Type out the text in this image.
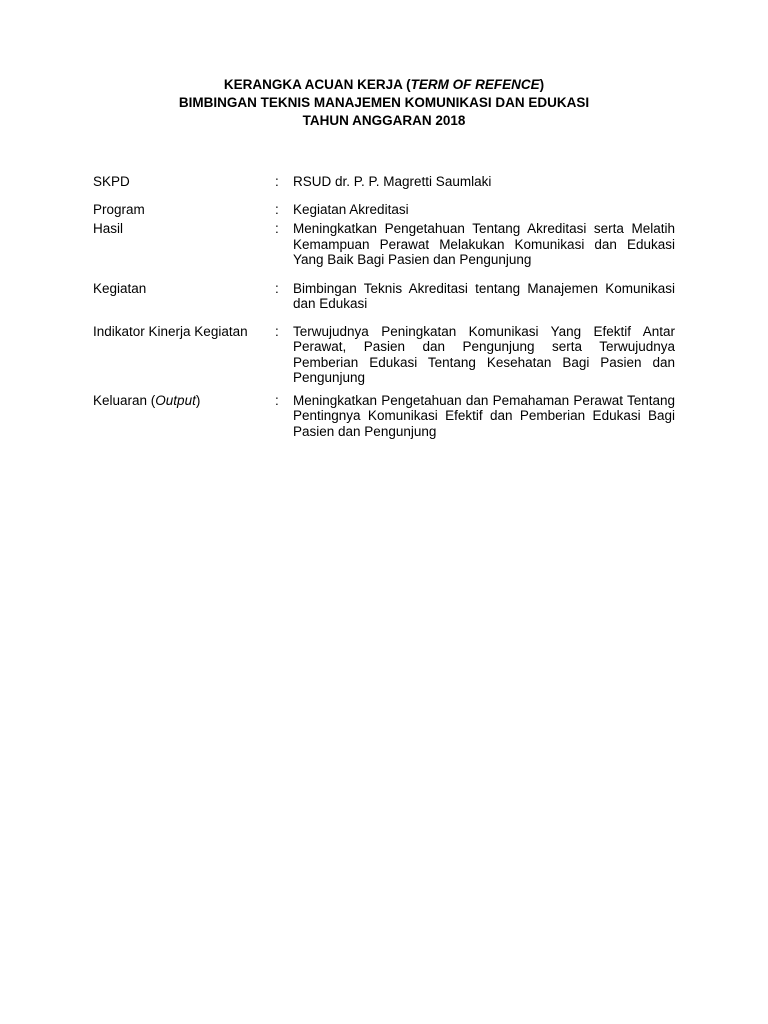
KERANGKA ACUAN KERJA (TERM OF REFENCE)
BIMBINGAN TEKNIS MANAJEMEN KOMUNIKASI DAN EDUKASI
TAHUN ANGGARAN 2018
SKPD	:	RSUD dr. P. P. Magretti Saumlaki
Program	:	Kegiatan Akreditasi
Hasil	:	Meningkatkan Pengetahuan Tentang Akreditasi serta Melatih Kemampuan Perawat Melakukan Komunikasi dan Edukasi Yang Baik Bagi Pasien dan Pengunjung
Kegiatan	:	Bimbingan Teknis Akreditasi tentang Manajemen Komunikasi dan Edukasi
Indikator Kinerja Kegiatan	:	Terwujudnya Peningkatan Komunikasi Yang Efektif Antar Perawat, Pasien dan Pengunjung serta Terwujudnya Pemberian Edukasi Tentang Kesehatan Bagi Pasien dan Pengunjung
Keluaran (Output)	:	Meningkatkan Pengetahuan dan Pemahaman Perawat Tentang Pentingnya Komunikasi Efektif dan Pemberian Edukasi Bagi Pasien dan Pengunjung
